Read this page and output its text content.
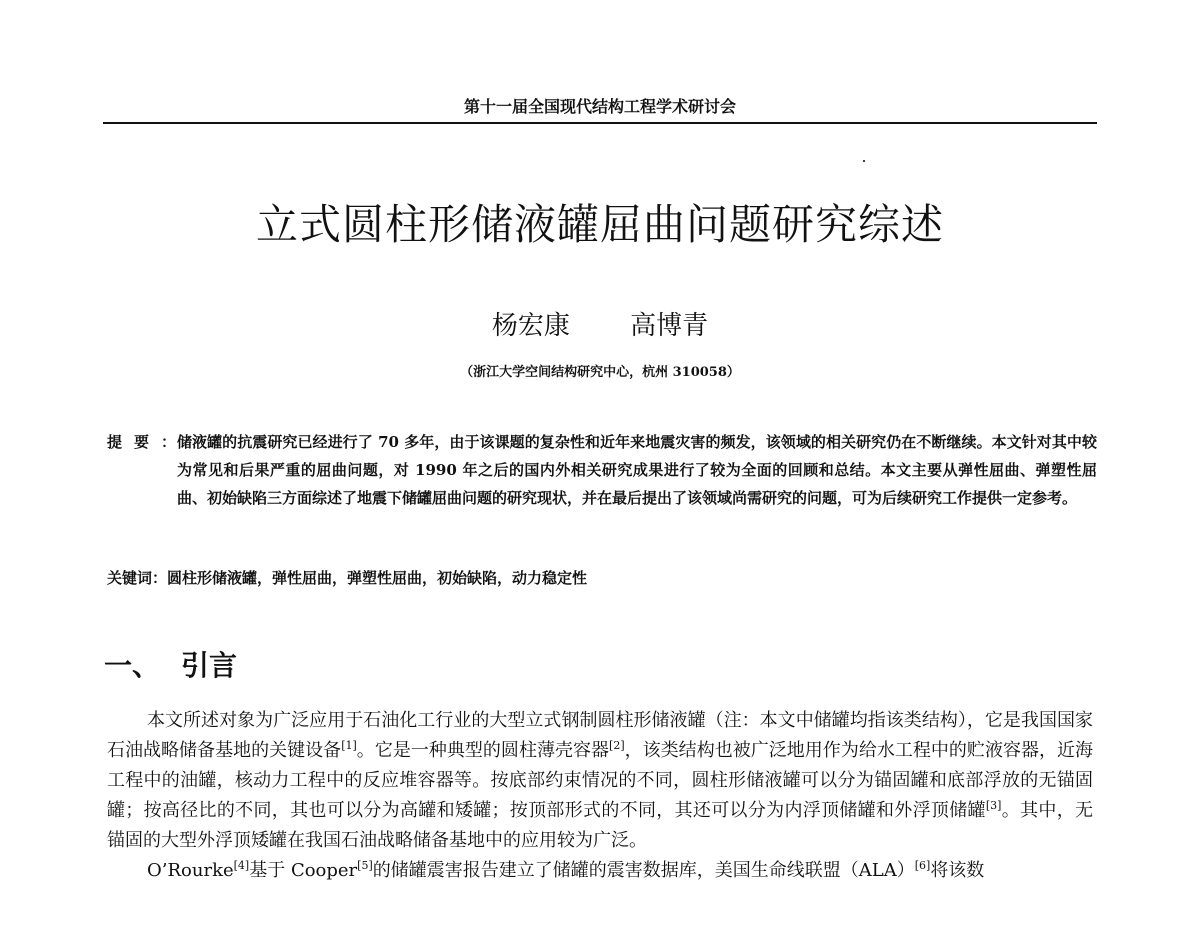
第十一届全国现代结构工程学术研讨会
立式圆柱形储液罐屈曲问题研究综述
杨宏康 高博青
（浙江大学空间结构研究中心，杭州 310058）
提要：
储液罐的抗震研究已经进行了 70 多年，由于该课题的复杂性和近年来地震灾害的频发，该领域的相关研究仍在不断继续。本文针对其中较为常见和后果严重的屈曲问题，对 1990 年之后的国内外相关研究成果进行了较为全面的回顾和总结。本文主要从弹性屈曲、弹塑性屈曲、初始缺陷三方面综述了地震下储罐屈曲问题的研究现状，并在最后提出了该领域尚需研究的问题，可为后续研究工作提供一定参考。
关键词：圆柱形储液罐，弹性屈曲，弹塑性屈曲，初始缺陷，动力稳定性
一、 引言

本文所述对象为广泛应用于石油化工行业的大型立式钢制圆柱形储液罐（注：本文中储罐均指该类结构），它是我国国家石油战略储备基地的关键设备[1]。它是一种典型的圆柱薄壳容器[2]，该类结构也被广泛地用作为给水工程中的贮液容器，近海工程中的油罐，核动力工程中的反应堆容器等。按底部约束情况的不同，圆柱形储液罐可以分为锚固罐和底部浮放的无锚固罐；按高径比的不同，其也可以分为高罐和矮罐；按顶部形式的不同，其还可以分为内浮顶储罐和外浮顶储罐[3]。其中，无锚固的大型外浮顶矮罐在我国石油战略储备基地中的应用较为广泛。

O’Rourke[4]基于 Cooper[5]的储罐震害报告建立了储罐的震害数据库，美国生命线联盟（ALA）[6]将该数
